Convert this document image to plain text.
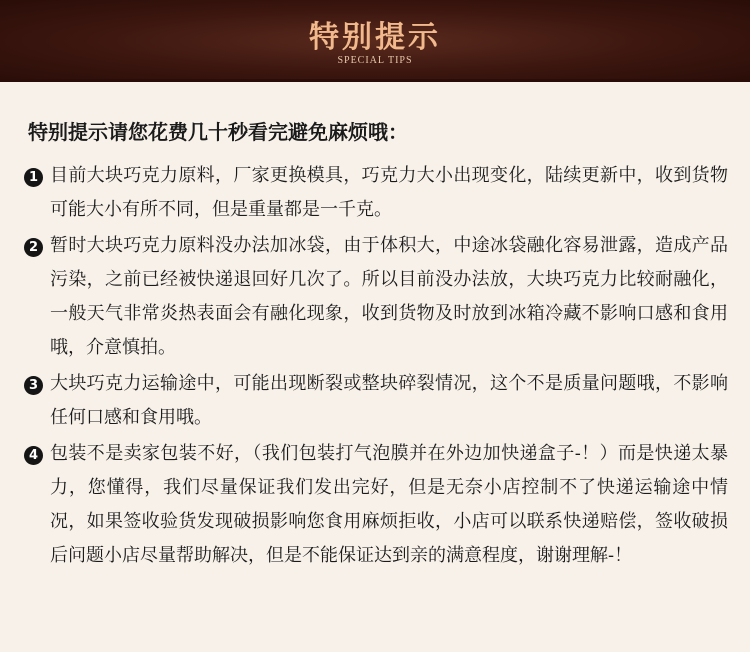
特别提示
SPECIAL TIPS
特别提示请您花费几十秒看完避免麻烦哦：
1 目前大块巧克力原料，厂家更换模具，巧克力大小出现变化，陆续更新中，收到货物可能大小有所不同，但是重量都是一千克。
2 暂时大块巧克力原料没办法加冰袋，由于体积大，中途冰袋融化容易泄露，造成产品污染，之前已经被快递退回好几次了。所以目前没办法放，大块巧克力比较耐融化，一般天气非常炎热表面会有融化现象，收到货物及时放到冰箱冷藏不影响口感和食用哦，介意慎拍。
3 大块巧克力运输途中，可能出现断裂或整块碎裂情况，这个不是质量问题哦，不影响任何口感和食用哦。
4 包装不是卖家包装不好，（我们包装打气泡膜并在外边加快递盒子-！）而是快递太暴力，您懂得，我们尽量保证我们发出完好，但是无奈小店控制不了快递运输途中情况，如果签收验货发现破损影响您食用麻烦拒收，小店可以联系快递赔偿，签收破损后问题小店尽量帮助解决，但是不能保证达到亲的满意程度，谢谢理解-！
